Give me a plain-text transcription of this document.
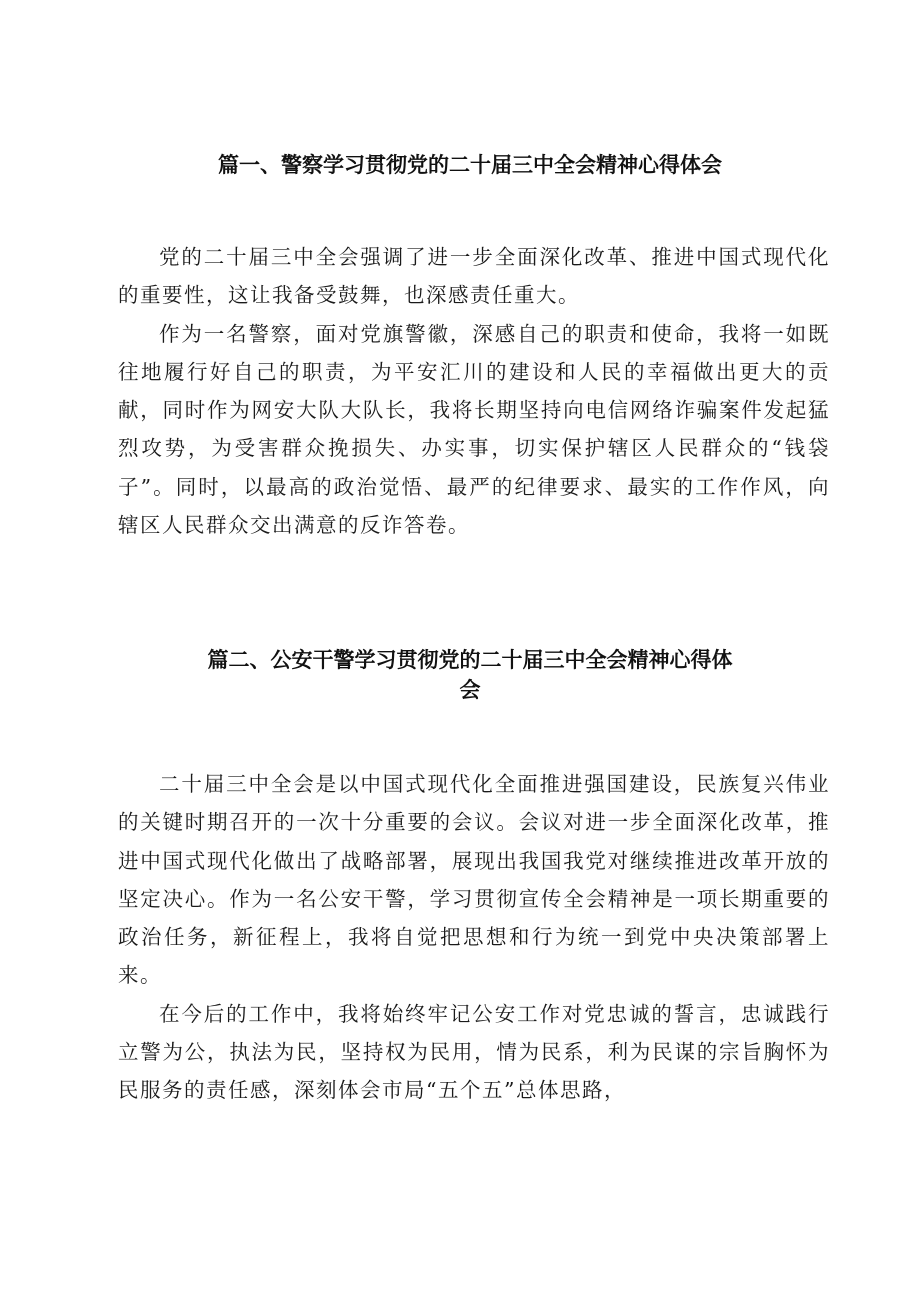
篇一、警察学习贯彻党的二十届三中全会精神心得体会

党的二十届三中全会强调了进一步全面深化改革、推进中国式现代化的重要性，这让我备受鼓舞，也深感责任重大。

作为一名警察，面对党旗警徽，深感自己的职责和使命，我将一如既往地履行好自己的职责，为平安汇川的建设和人民的幸福做出更大的贡献，同时作为网安大队大队长，我将长期坚持向电信网络诈骗案件发起猛烈攻势，为受害群众挽损失、办实事，切实保护辖区人民群众的“钱袋子”。同时，以最高的政治觉悟、最严的纪律要求、最实的工作作风，向辖区人民群众交出满意的反诈答卷。

篇二、公安干警学习贯彻党的二十届三中全会精神心得体
会

二十届三中全会是以中国式现代化全面推进强国建设，民族复兴伟业的关键时期召开的一次十分重要的会议。会议对进一步全面深化改革，推进中国式现代化做出了战略部署，展现出我国我党对继续推进改革开放的坚定决心。作为一名公安干警，学习贯彻宣传全会精神是一项长期重要的政治任务，新征程上，我将自觉把思想和行为统一到党中央决策部署上来。

在今后的工作中，我将始终牢记公安工作对党忠诚的誓言，忠诚践行立警为公，执法为民，坚持权为民用，情为民系，利为民谋的宗旨胸怀为民服务的责任感，深刻体会市局“五个五”总体思路，
